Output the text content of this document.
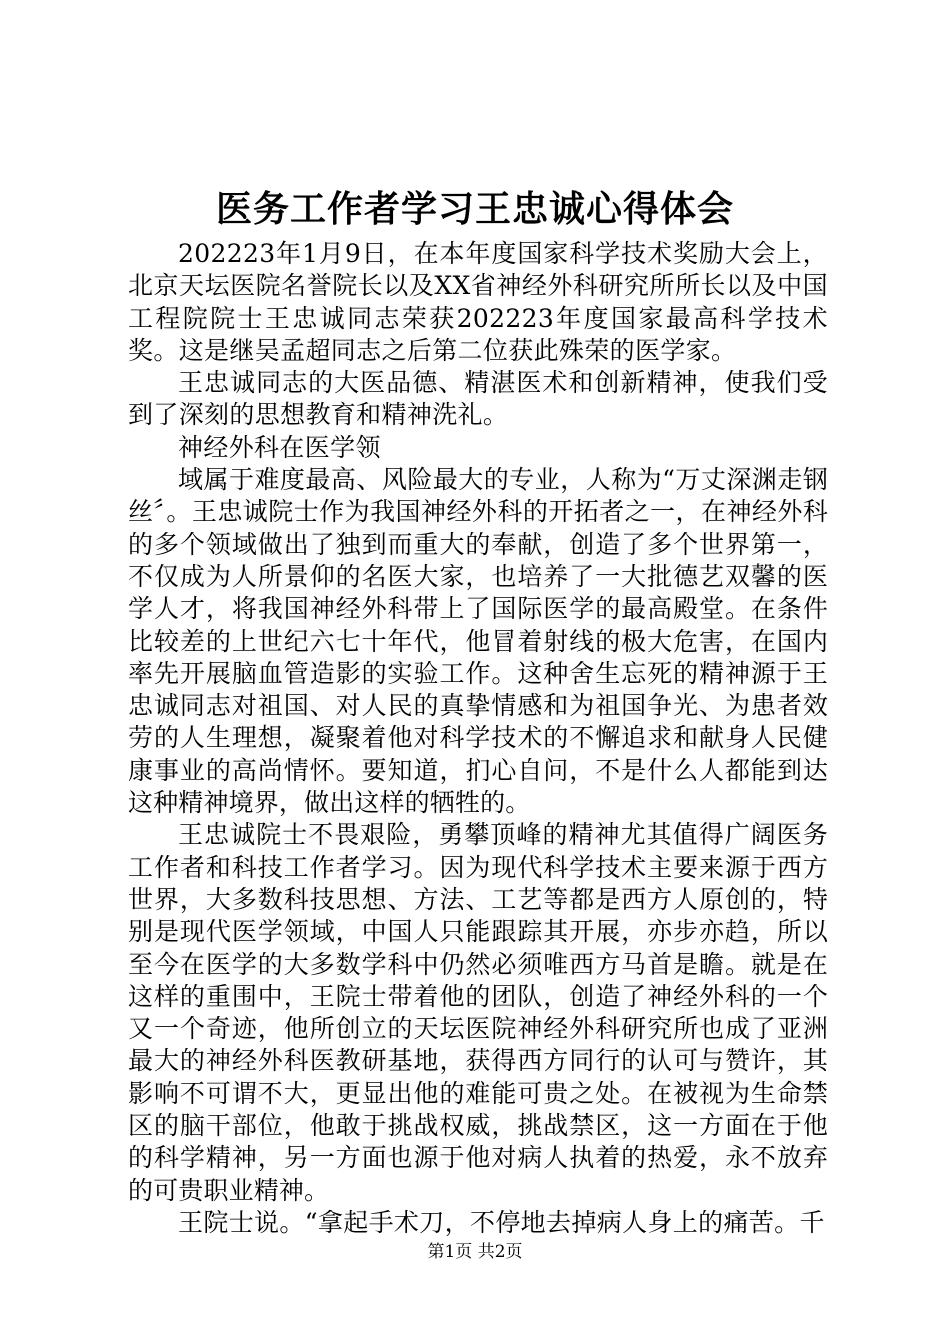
医务工作者学习王忠诚心得体会

202223年1月9日，在本年度国家科学技术奖励大会上，北京天坛医院名誉院长以及XX省神经外科研究所所长以及中国工程院院士王忠诚同志荣获202223年度国家最高科学技术奖。这是继吴孟超同志之后第二位获此殊荣的医学家。

王忠诚同志的大医品德、精湛医术和创新精神，使我们受到了深刻的思想教育和精神洗礼。

神经外科在医学领

域属于难度最高、风险最大的专业，人称为“万丈深渊走钢丝〞。王忠诚院士作为我国神经外科的开拓者之一，在神经外科的多个领域做出了独到而重大的奉献，创造了多个世界第一，不仅成为人所景仰的名医大家，也培养了一大批德艺双馨的医学人才，将我国神经外科带上了国际医学的最高殿堂。在条件比较差的上世纪六七十年代，他冒着射线的极大危害，在国内率先开展脑血管造影的实验工作。这种舍生忘死的精神源于王忠诚同志对祖国、对人民的真挚情感和为祖国争光、为患者效劳的人生理想，凝聚着他对科学技术的不懈追求和献身人民健康事业的高尚情怀。要知道，扪心自问，不是什么人都能到达这种精神境界，做出这样的牺牲的。

王忠诚院士不畏艰险，勇攀顶峰的精神尤其值得广阔医务工作者和科技工作者学习。因为现代科学技术主要来源于西方世界，大多数科技思想、方法、工艺等都是西方人原创的，特别是现代医学领域，中国人只能跟踪其开展，亦步亦趋，所以至今在医学的大多数学科中仍然必须唯西方马首是瞻。就是在这样的重围中，王院士带着他的团队，创造了神经外科的一个又一个奇迹，他所创立的天坛医院神经外科研究所也成了亚洲最大的神经外科医教研基地，获得西方同行的认可与赞许，其影响不可谓不大，更显出他的难能可贵之处。在被视为生命禁区的脑干部位，他敢于挑战权威，挑战禁区，这一方面在于他的科学精神，另一方面也源于他对病人执着的热爱，永不放弃的可贵职业精神。

王院士说。“拿起手术刀，不停地去掉病人身上的痛苦。千

第1页 共2页
